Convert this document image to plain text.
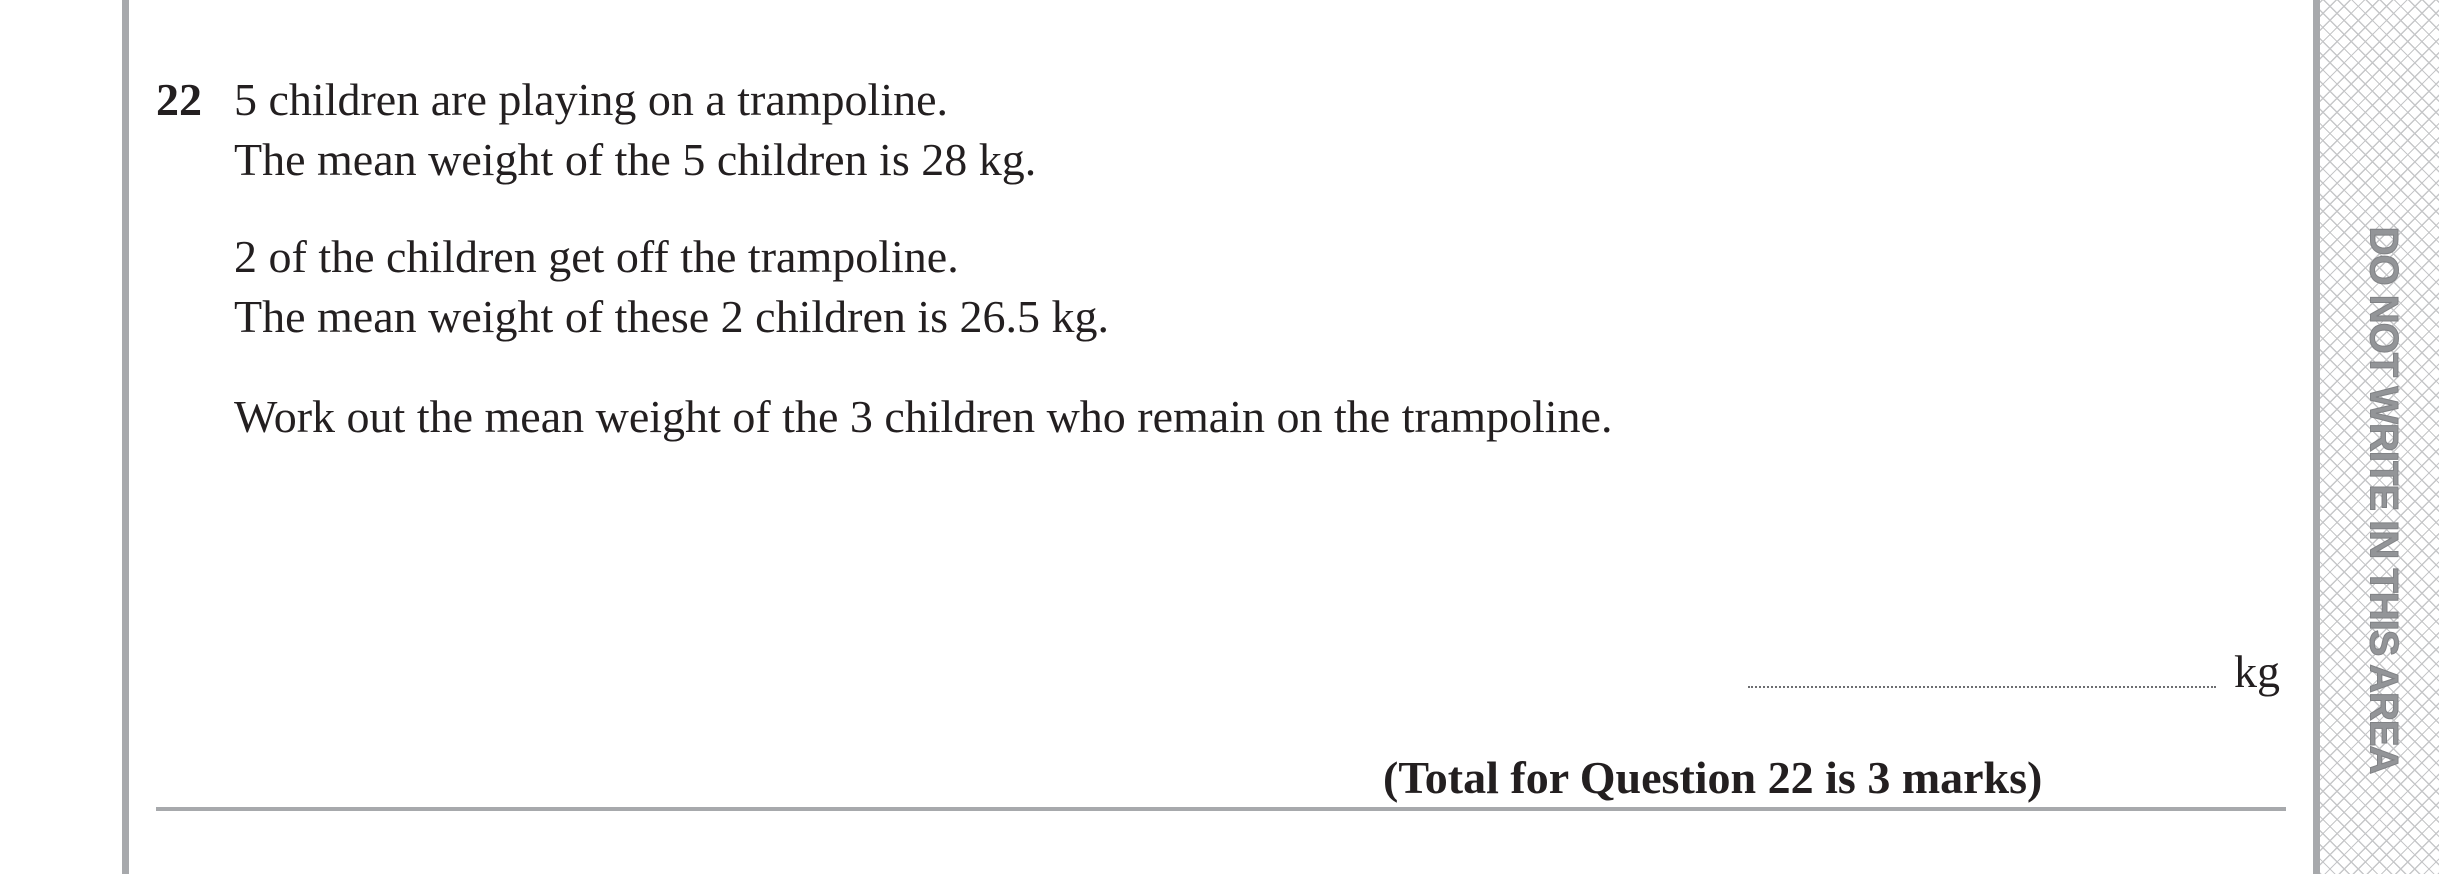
DO NOT WRITE IN THIS AREA
22 5 children are playing on a trampoline.
The mean weight of the 5 children is 28 kg.
2 of the children get off the trampoline.
The mean weight of these 2 children is 26.5 kg.
Work out the mean weight of the 3 children who remain on the trampoline.
kg
(Total for Question 22 is 3 marks)
